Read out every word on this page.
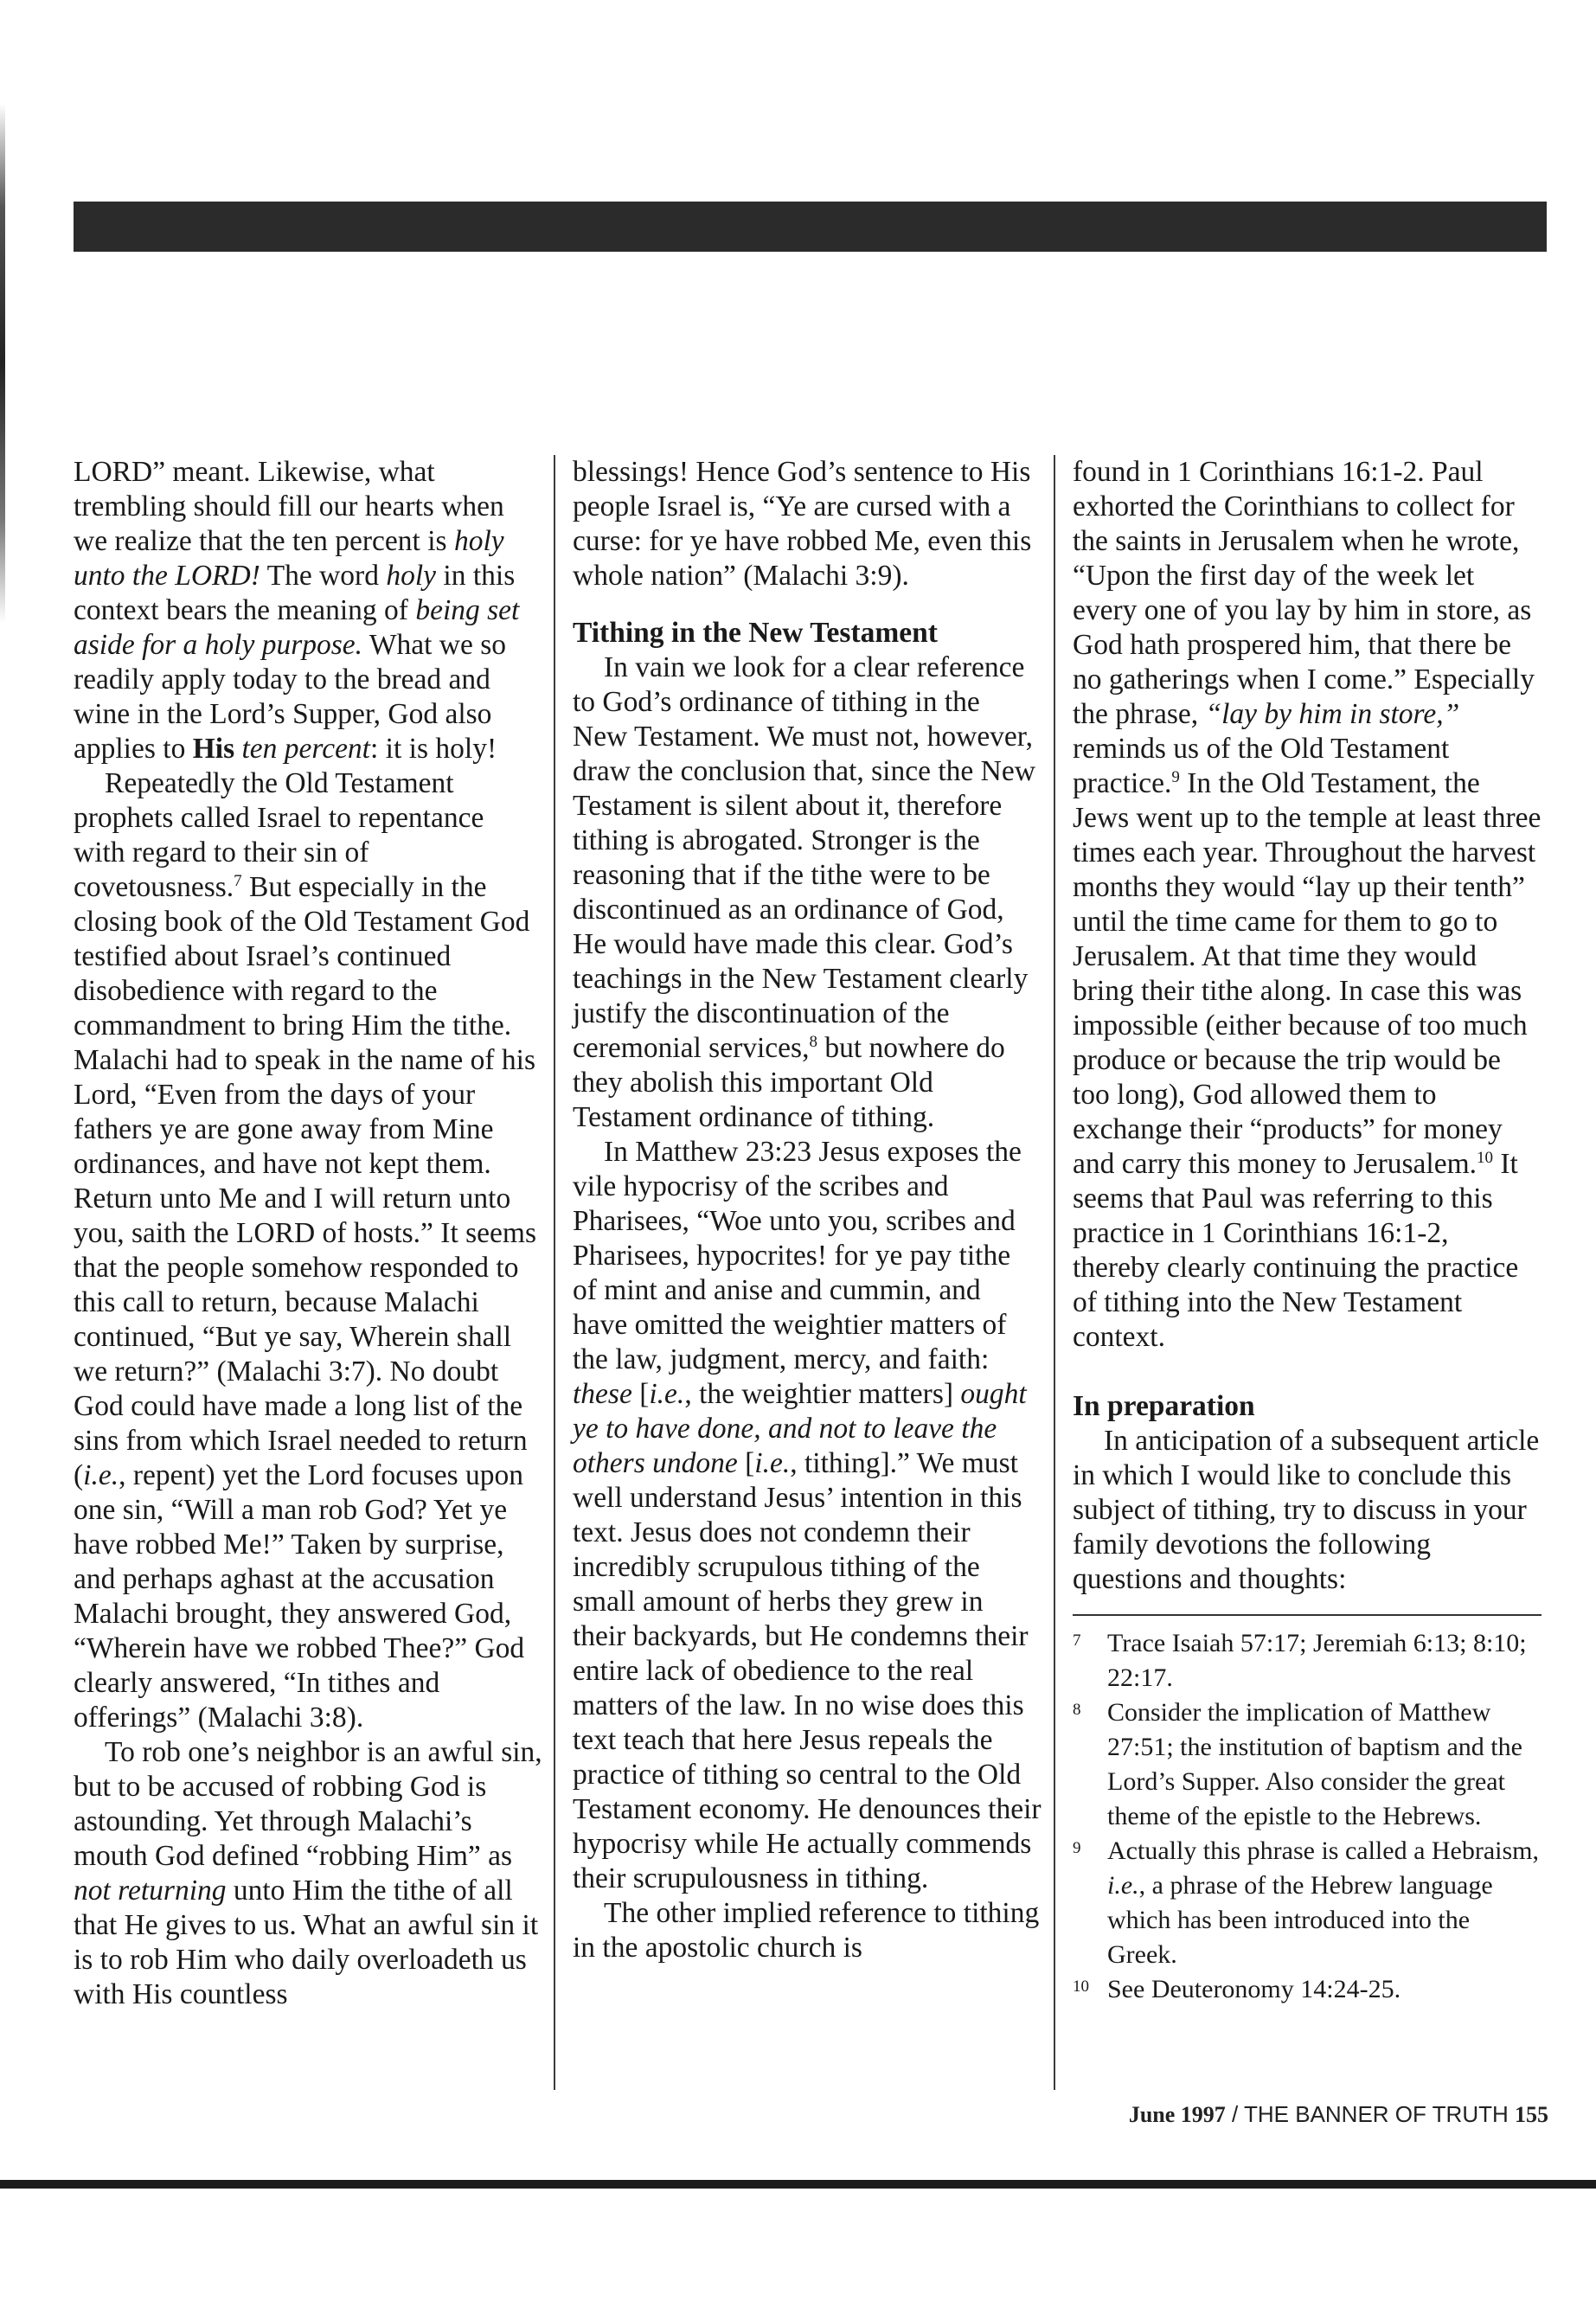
LORD” meant. Likewise, what trembling should fill our hearts when we realize that the ten percent is holy unto the LORD! The word holy in this context bears the meaning of being set aside for a holy purpose. What we so readily apply today to the bread and wine in the Lord’s Supper, God also applies to His ten percent: it is holy!

Repeatedly the Old Testament prophets called Israel to repentance with regard to their sin of covetousness.$^7$ But especially in the closing book of the Old Testament God testified about Israel’s continued disobedience with regard to the commandment to bring Him the tithe. Malachi had to speak in the name of his Lord, “Even from the days of your fathers ye are gone away from Mine ordinances, and have not kept them. Return unto Me and I will return unto you, saith the LORD of hosts.” It seems that the people somehow responded to this call to return, because Malachi continued, “But ye say, Wherein shall we return?” (Malachi 3:7). No doubt God could have made a long list of the sins from which Israel needed to return (i.e., repent) yet the Lord focuses upon one sin, “Will a man rob God? Yet ye have robbed Me!” Taken by surprise, and perhaps aghast at the accusation Malachi brought, they answered God, “Wherein have we robbed Thee?” God clearly answered, “In tithes and offerings” (Malachi 3:8).

To rob one’s neighbor is an awful sin, but to be accused of robbing God is astounding. Yet through Malachi’s mouth God defined “robbing Him” as not returning unto Him the tithe of all that He gives to us. What an awful sin it is to rob Him who daily overloadeth us with His countless

blessings! Hence God’s sentence to His people Israel is, “Ye are cursed with a curse: for ye have robbed Me, even this whole nation” (Malachi 3:9).

Tithing in the New Testament

In vain we look for a clear reference to God’s ordinance of tithing in the New Testament. We must not, however, draw the conclusion that, since the New Testament is silent about it, therefore tithing is abrogated. Stronger is the reasoning that if the tithe were to be discontinued as an ordinance of God, He would have made this clear. God’s teachings in the New Testament clearly justify the discontinuation of the ceremonial services,$^8$ but nowhere do they abolish this important Old Testament ordinance of tithing.

In Matthew 23:23 Jesus exposes the vile hypocrisy of the scribes and Pharisees, “Woe unto you, scribes and Pharisees, hypocrites! for ye pay tithe of mint and anise and cummin, and have omitted the weightier matters of the law, judgment, mercy, and faith: these [i.e., the weightier matters] ought ye to have done, and not to leave the others undone [i.e., tithing].” We must well understand Jesus’ intention in this text. Jesus does not condemn their incredibly scrupulous tithing of the small amount of herbs they grew in their backyards, but He condemns their entire lack of obedience to the real matters of the law. In no wise does this text teach that here Jesus repeals the practice of tithing so central to the Old Testament economy. He denounces their hypocrisy while He actually commends their scrupulousness in tithing.

The other implied reference to tithing in the apostolic church is

found in 1 Corinthians 16:1-2. Paul exhorted the Corinthians to collect for the saints in Jerusalem when he wrote, “Upon the first day of the week let every one of you lay by him in store, as God hath prospered him, that there be no gatherings when I come.” Especially the phrase, “lay by him in store,” reminds us of the Old Testament practice.$^9$ In the Old Testament, the Jews went up to the temple at least three times each year. Throughout the harvest months they would “lay up their tenth” until the time came for them to go to Jerusalem. At that time they would bring their tithe along. In case this was impossible (either because of too much produce or because the trip would be too long), God allowed them to exchange their “products” for money and carry this money to Jerusalem.$^{10}$ It seems that Paul was referring to this practice in 1 Corinthians 16:1-2, thereby clearly continuing the practice of tithing into the New Testament context.

In preparation

In anticipation of a subsequent article in which I would like to conclude this subject of tithing, try to discuss in your family devotions the following questions and thoughts:

7	Trace Isaiah 57:17; Jeremiah 6:13; 8:10; 22:17.
8	Consider the implication of Matthew 27:51; the institution of baptism and the Lord’s Supper. Also consider the great theme of the epistle to the Hebrews.
9	Actually this phrase is called a Hebraism, i.e., a phrase of the Hebrew language which has been introduced into the Greek.
10 See Deuteronomy 14:24-25.
June 1997 / THE BANNER OF TRUTH 155
